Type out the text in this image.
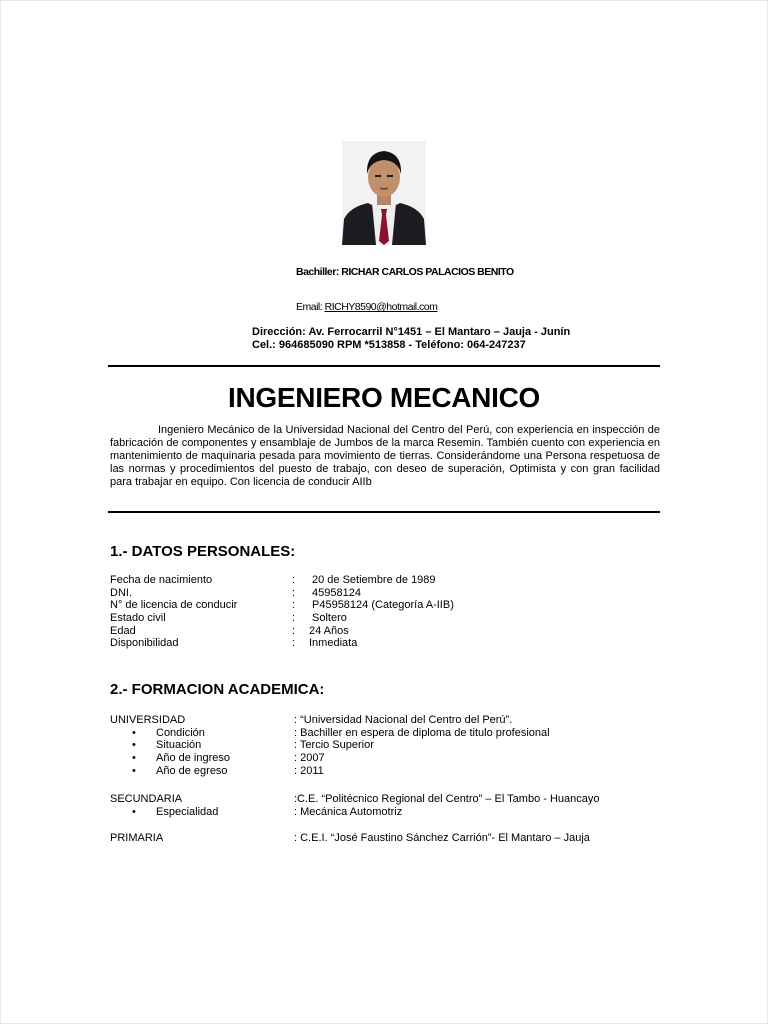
Bachiller: RICHAR CARLOS PALACIOS BENITO
Email: RICHY8590@hotmail.com
Dirección: Av. Ferrocarril N°1451 – El Mantaro – Jauja - Junín
Cel.: 964685090 RPM *513858 - Teléfono: 064-247237
INGENIERO MECANICO
Ingeniero Mecánico de la Universidad Nacional del Centro del Perú, con experiencia en inspección de fabricación de componentes y ensamblaje de Jumbos de la marca Resemin. También cuento con experiencia en mantenimiento de maquinaria pesada para movimiento de tierras. Considerándome una Persona respetuosa de las normas y procedimientos del puesto de trabajo, con deseo de superación, Optimista y con gran facilidad para trabajar en equipo. Con licencia de conducir AIIb
1.- DATOS PERSONALES:
Fecha de nacimiento	: 20 de Setiembre de 1989
DNI.	: 45958124
N° de licencia de conducir	: P45958124 (Categoría A-IIB)
Estado civil	: Soltero
Edad	: 24 Años
Disponibilidad	: Inmediata
2.- FORMACION ACADEMICA:
UNIVERSIDAD	: “Universidad Nacional del Centro del Perú”.
• Condición	: Bachiller en espera de diploma de titulo profesional
• Situación	: Tercio Superior
• Año de ingreso	: 2007
• Año de egreso	: 2011
SECUNDARIA	:C.E. “Politécnico Regional del Centro” – El Tambo - Huancayo
• Especialidad	: Mecánica Automotriz
PRIMARIA	: C.E.I. “José Faustino Sánchez Carrión”- El Mantaro – Jauja
